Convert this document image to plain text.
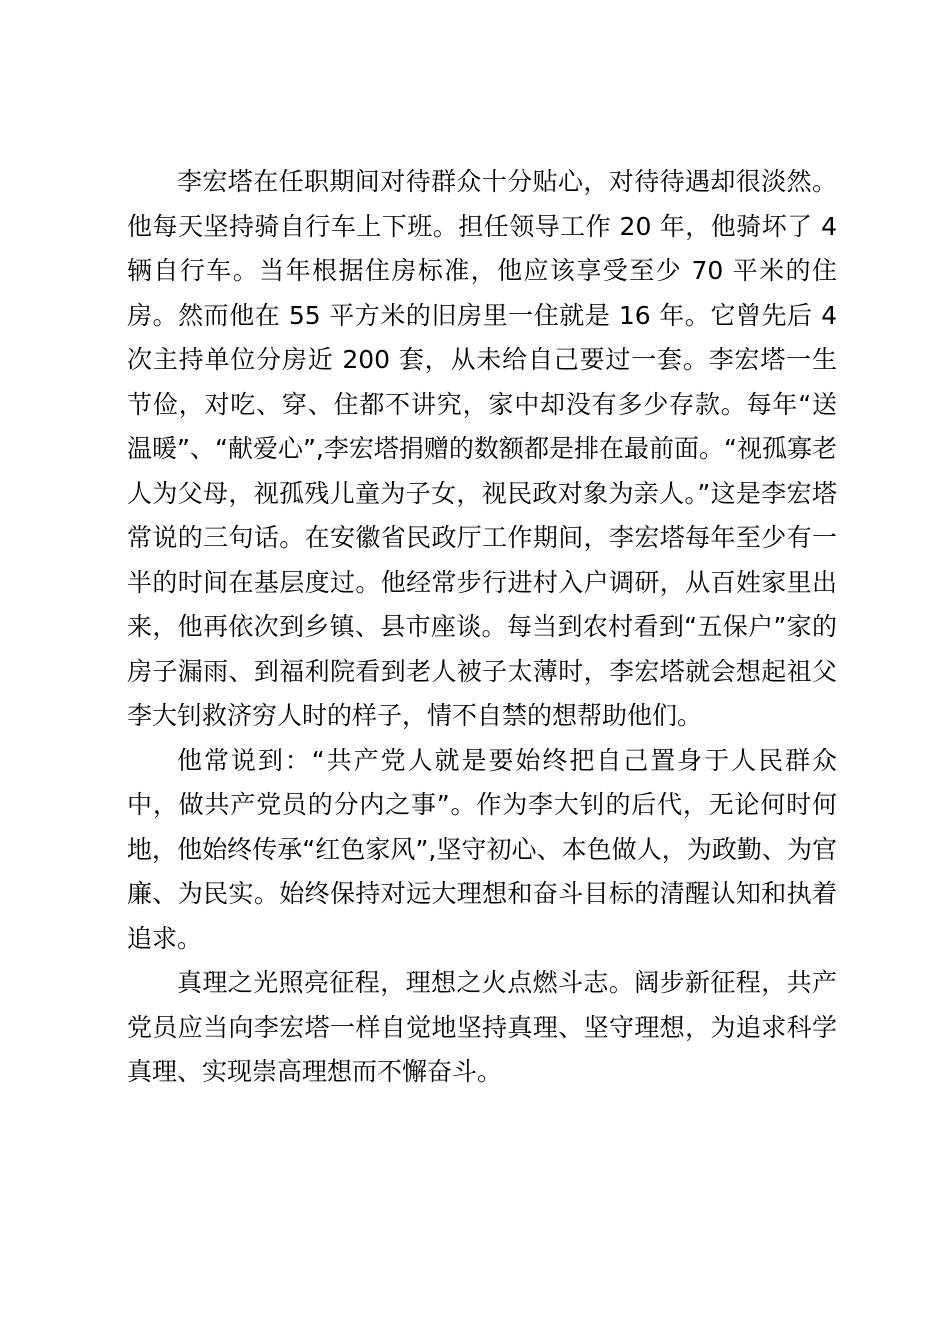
李宏塔在任职期间对待群众十分贴心，对待待遇却很淡然。他每天坚持骑自行车上下班。担任领导工作 20 年，他骑坏了 4 辆自行车。当年根据住房标准，他应该享受至少 70 平米的住房。然而他在 55 平方米的旧房里一住就是 16 年。它曾先后 4 次主持单位分房近 200 套，从未给自己要过一套。李宏塔一生节俭，对吃、穿、住都不讲究，家中却没有多少存款。每年“送温暖”、“献爱心”,李宏塔捐赠的数额都是排在最前面。“视孤寡老人为父母，视孤残儿童为子女，视民政对象为亲人。”这是李宏塔常说的三句话。在安徽省民政厅工作期间，李宏塔每年至少有一半的时间在基层度过。他经常步行进村入户调研，从百姓家里出来，他再依次到乡镇、县市座谈。每当到农村看到“五保户”家的房子漏雨、到福利院看到老人被子太薄时，李宏塔就会想起祖父李大钊救济穷人时的样子，情不自禁的想帮助他们。

他常说到：“共产党人就是要始终把自己置身于人民群众中，做共产党员的分内之事”。作为李大钊的后代，无论何时何地，他始终传承“红色家风”,坚守初心、本色做人，为政勤、为官廉、为民实。始终保持对远大理想和奋斗目标的清醒认知和执着追求。

真理之光照亮征程，理想之火点燃斗志。阔步新征程，共产党员应当向李宏塔一样自觉地坚持真理、坚守理想，为追求科学真理、实现崇高理想而不懈奋斗。
